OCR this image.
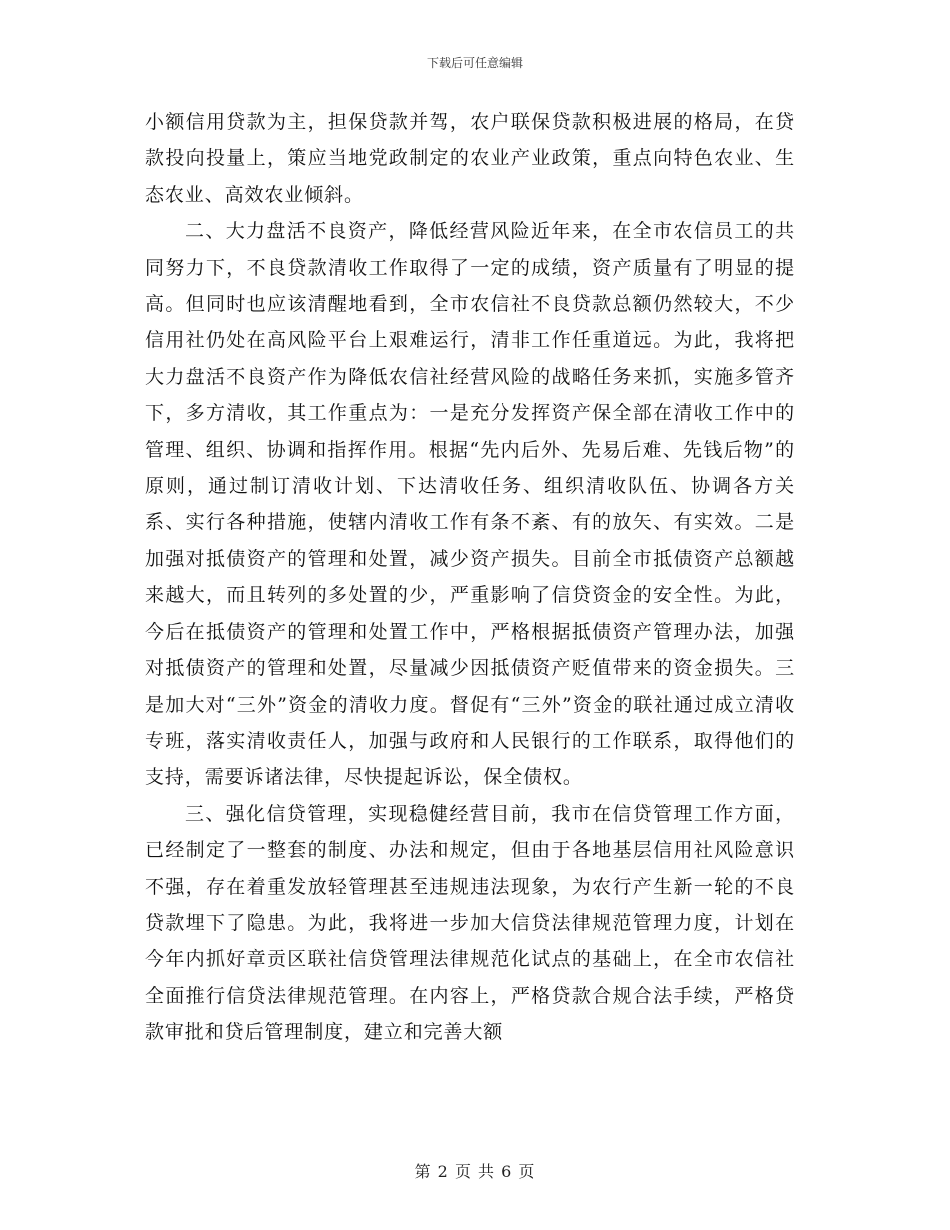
下载后可任意编辑

小额信用贷款为主，担保贷款并驾，农户联保贷款积极进展的格局，在贷款投向投量上，策应当地党政制定的农业产业政策，重点向特色农业、生态农业、高效农业倾斜。

二、大力盘活不良资产，降低经营风险近年来，在全市农信员工的共同努力下，不良贷款清收工作取得了一定的成绩，资产质量有了明显的提高。但同时也应该清醒地看到，全市农信社不良贷款总额仍然较大，不少信用社仍处在高风险平台上艰难运行，清非工作任重道远。为此，我将把大力盘活不良资产作为降低农信社经营风险的战略任务来抓，实施多管齐下，多方清收，其工作重点为：一是充分发挥资产保全部在清收工作中的管理、组织、协调和指挥作用。根据“先内后外、先易后难、先钱后物”的原则，通过制订清收计划、下达清收任务、组织清收队伍、协调各方关系、实行各种措施，使辖内清收工作有条不紊、有的放矢、有实效。二是加强对抵债资产的管理和处置，减少资产损失。目前全市抵债资产总额越来越大，而且转列的多处置的少，严重影响了信贷资金的安全性。为此，今后在抵债资产的管理和处置工作中，严格根据抵债资产管理办法，加强对抵债资产的管理和处置，尽量减少因抵债资产贬值带来的资金损失。三是加大对“三外”资金的清收力度。督促有“三外”资金的联社通过成立清收专班，落实清收责任人，加强与政府和人民银行的工作联系，取得他们的支持，需要诉诸法律，尽快提起诉讼，保全债权。

三、强化信贷管理，实现稳健经营目前，我市在信贷管理工作方面，已经制定了一整套的制度、办法和规定，但由于各地基层信用社风险意识不强，存在着重发放轻管理甚至违规违法现象，为农行产生新一轮的不良贷款埋下了隐患。为此，我将进一步加大信贷法律规范管理力度，计划在今年内抓好章贡区联社信贷管理法律规范化试点的基础上，在全市农信社全面推行信贷法律规范管理。在内容上，严格贷款合规合法手续，严格贷款审批和贷后管理制度，建立和完善大额

第 2 页 共 6 页
